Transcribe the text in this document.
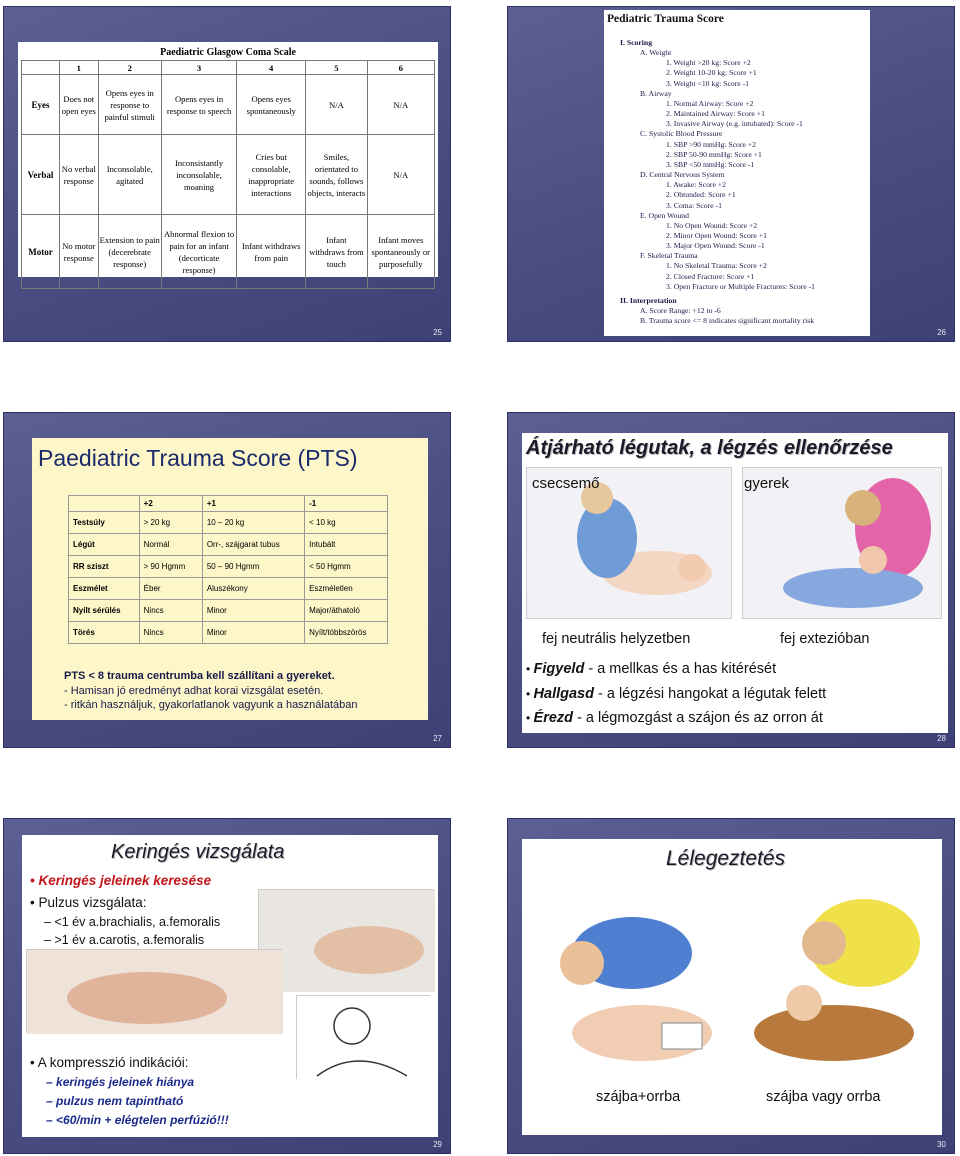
Paediatric Glasgow Coma Scale
	1	2	3	4	5	6
Eyes	Does not open eyes	Opens eyes in response to painful stimuli	Opens eyes in response to speech	Opens eyes spontaneously	N/A	N/A
Verbal	No verbal response	Inconsolable, agitated	Inconsistantly inconsolable, moaning	Cries but consolable, inappropriate interactions	Smiles, orientated to sounds, follows objects, interacts	N/A
Motor	No motor response	Extension to pain (decerebrate response)	Abnormal flexion to pain for an infant (decorticate response)	Infant withdraws from pain	Infant withdraws from touch	Infant moves spontaneously or purposefully
25
Pediatric Trauma Score
I. Scoring
A. Weight
1. Weight >20 kg: Score +2
2. Weight 10-20 kg: Score +1
3. Weight <10 kg: Score -1
B. Airway
1. Normal Airway: Score +2
2. Maintained Airway: Score +1
3. Invasive Airway (e.g. intubated): Score -1
C. Systolic Blood Pressure
1. SBP >90 mmHg: Score +2
2. SBP 50-90 mmHg: Score +1
3. SBP <50 mmHg: Score -1
D. Central Nervous System
1. Awake: Score +2
2. Obtunded: Score +1
3. Coma: Score -1
E. Open Wound
1. No Open Wound: Score +2
2. Minor Open Wound: Score +1
3. Major Open Wound: Score -1
F. Skeletal Trauma
1. No Skeletal Trauma: Score +2
2. Closed Fracture: Score +1
3. Open Fracture or Multiple Fractures: Score -1
II. Interpretation
A. Score Range: +12 to -6
B. Trauma score <= 8 indicates significant mortality risk
26
Paediatric Trauma Score (PTS)
	+2	+1	-1
Testsúly	> 20 kg	10 – 20 kg	< 10 kg
Légút	Normál	Orr-, szájgarat tubus	Intubált
RR sziszt	> 90 Hgmm	50 – 90 Hgmm	< 50 Hgmm
Eszmélet	Éber	Aluszékony	Eszméletlen
Nyílt sérülés	Nincs	Minor	Major/áthatoló
Törés	Nincs	Minor	Nyílt/többszörös
PTS < 8 trauma centrumba kell szállítani a gyereket.
- Hamisan jó eredményt adhat korai vizsgálat esetén.
- ritkán használjuk, gyakorlatlanok vagyunk a használatában
27
Átjárható légutak, a légzés ellenőrzése
csecsemő	gyerek
fej neutrális helyzetben	fej extezióban
• Figyeld - a mellkas és a has kitérését
• Hallgasd - a légzési hangokat a légutak felett
• Érezd - a légmozgást a szájon és az orron át
28
Keringés vizsgálata
• Keringés jeleinek keresése
• Pulzus vizsgálata:
– <1 év a.brachialis, a.femoralis
– >1 év a.carotis, a.femoralis
• A kompresszió indikációi:
– keringés jeleinek hiánya
– pulzus nem tapintható
– <60/min + elégtelen perfúzió!!!
29
Lélegeztetés
szájba+orrba	szájba vagy orrba
30
